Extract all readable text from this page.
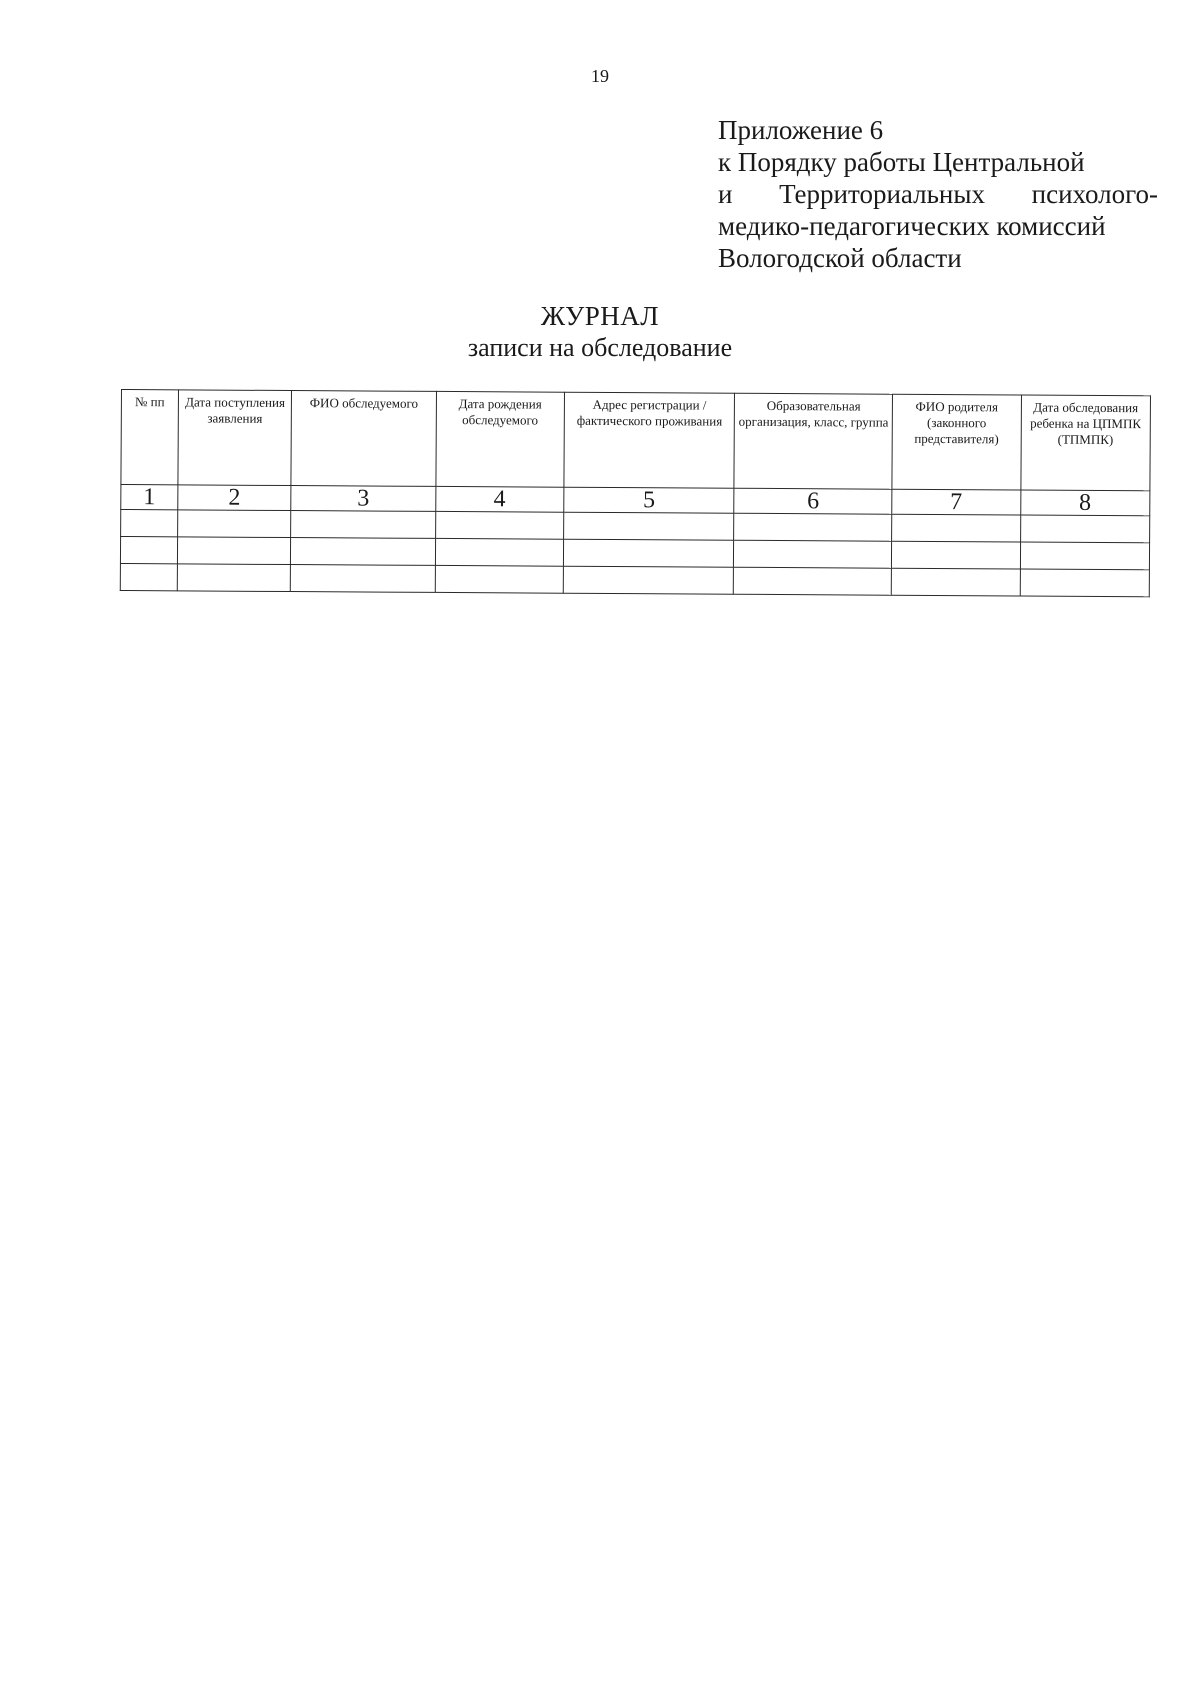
19
Приложение 6
к Порядку работы Центральной
и Территориальных психолого-
медико-педагогических комиссий
Вологодской области
ЖУРНАЛ
записи на обследование
№ пп	Дата поступления заявления	ФИО обследуемого	Дата рождения обследуемого	Адрес регистрации / фактического проживания	Образовательная организация, класс, группа	ФИО родителя (законного представителя)	Дата обследования ребенка на ЦПМПК (ТПМПК)
1	2	3	4	5	6	7	8
